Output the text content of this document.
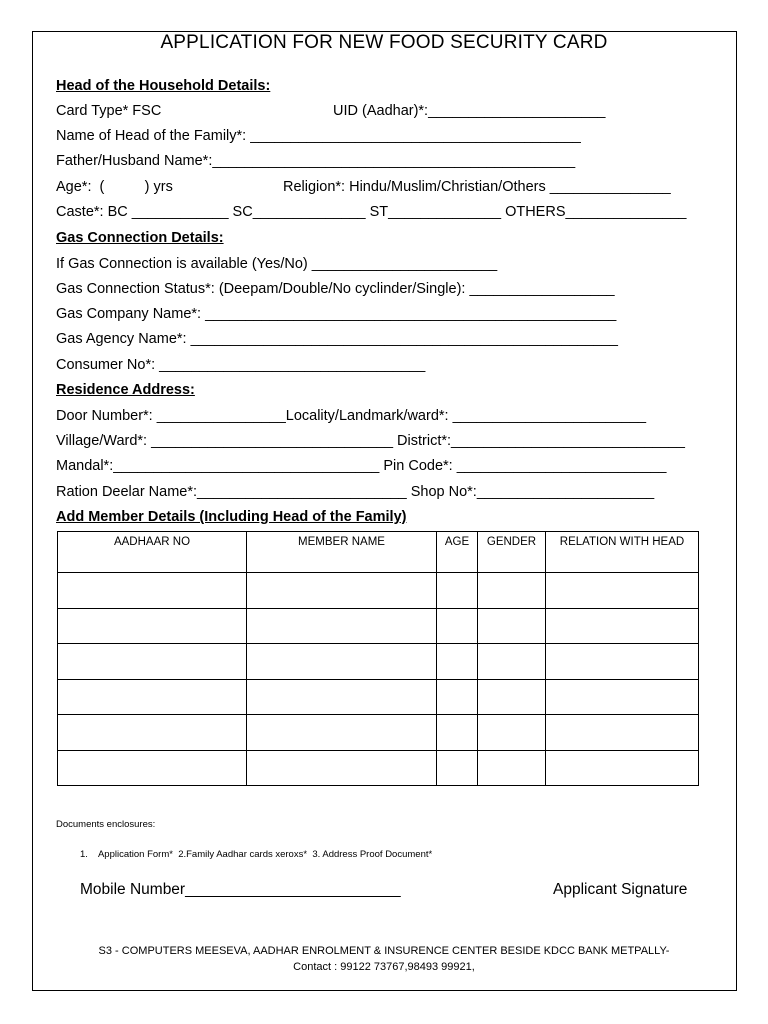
APPLICATION FOR NEW FOOD SECURITY CARD
Head of the Household Details:
Card Type* FSC	UID (Aadhar)*:______________________
Name of Head of the Family*: _________________________________________
Father/Husband Name*:_____________________________________________
Age*:  (          ) yrs	Religion*: Hindu/Muslim/Christian/Others _______________
Caste*: BC ____________ SC______________ ST______________ OTHERS_______________
Gas Connection Details:
If Gas Connection is available (Yes/No) _______________________
Gas Connection Status*: (Deepam/Double/No cyclinder/Single): __________________
Gas Company Name*: ___________________________________________________
Gas Agency Name*: _____________________________________________________
Consumer No*: _________________________________
Residence Address:
Door Number*: ________________Locality/Landmark/ward*: ________________________
Village/Ward*: ______________________________ District*:_____________________________
Mandal*:_________________________________ Pin Code*: __________________________
Ration Deelar Name*:__________________________ Shop No*:______________________
Add Member Details (Including Head of the Family)
AADHAAR NO	MEMBER NAME	AGE	GENDER	RELATION WITH HEAD

Documents enclosures:
1.    Application Form*  2.Family Aadhar cards xeroxs*  3. Address Proof Document*
Mobile Number_________________________	Applicant Signature
S3 - COMPUTERS MEESEVA, AADHAR ENROLMENT & INSURENCE CENTER BESIDE KDCC BANK METPALLY-
Contact : 99122 73767,98493 99921,
